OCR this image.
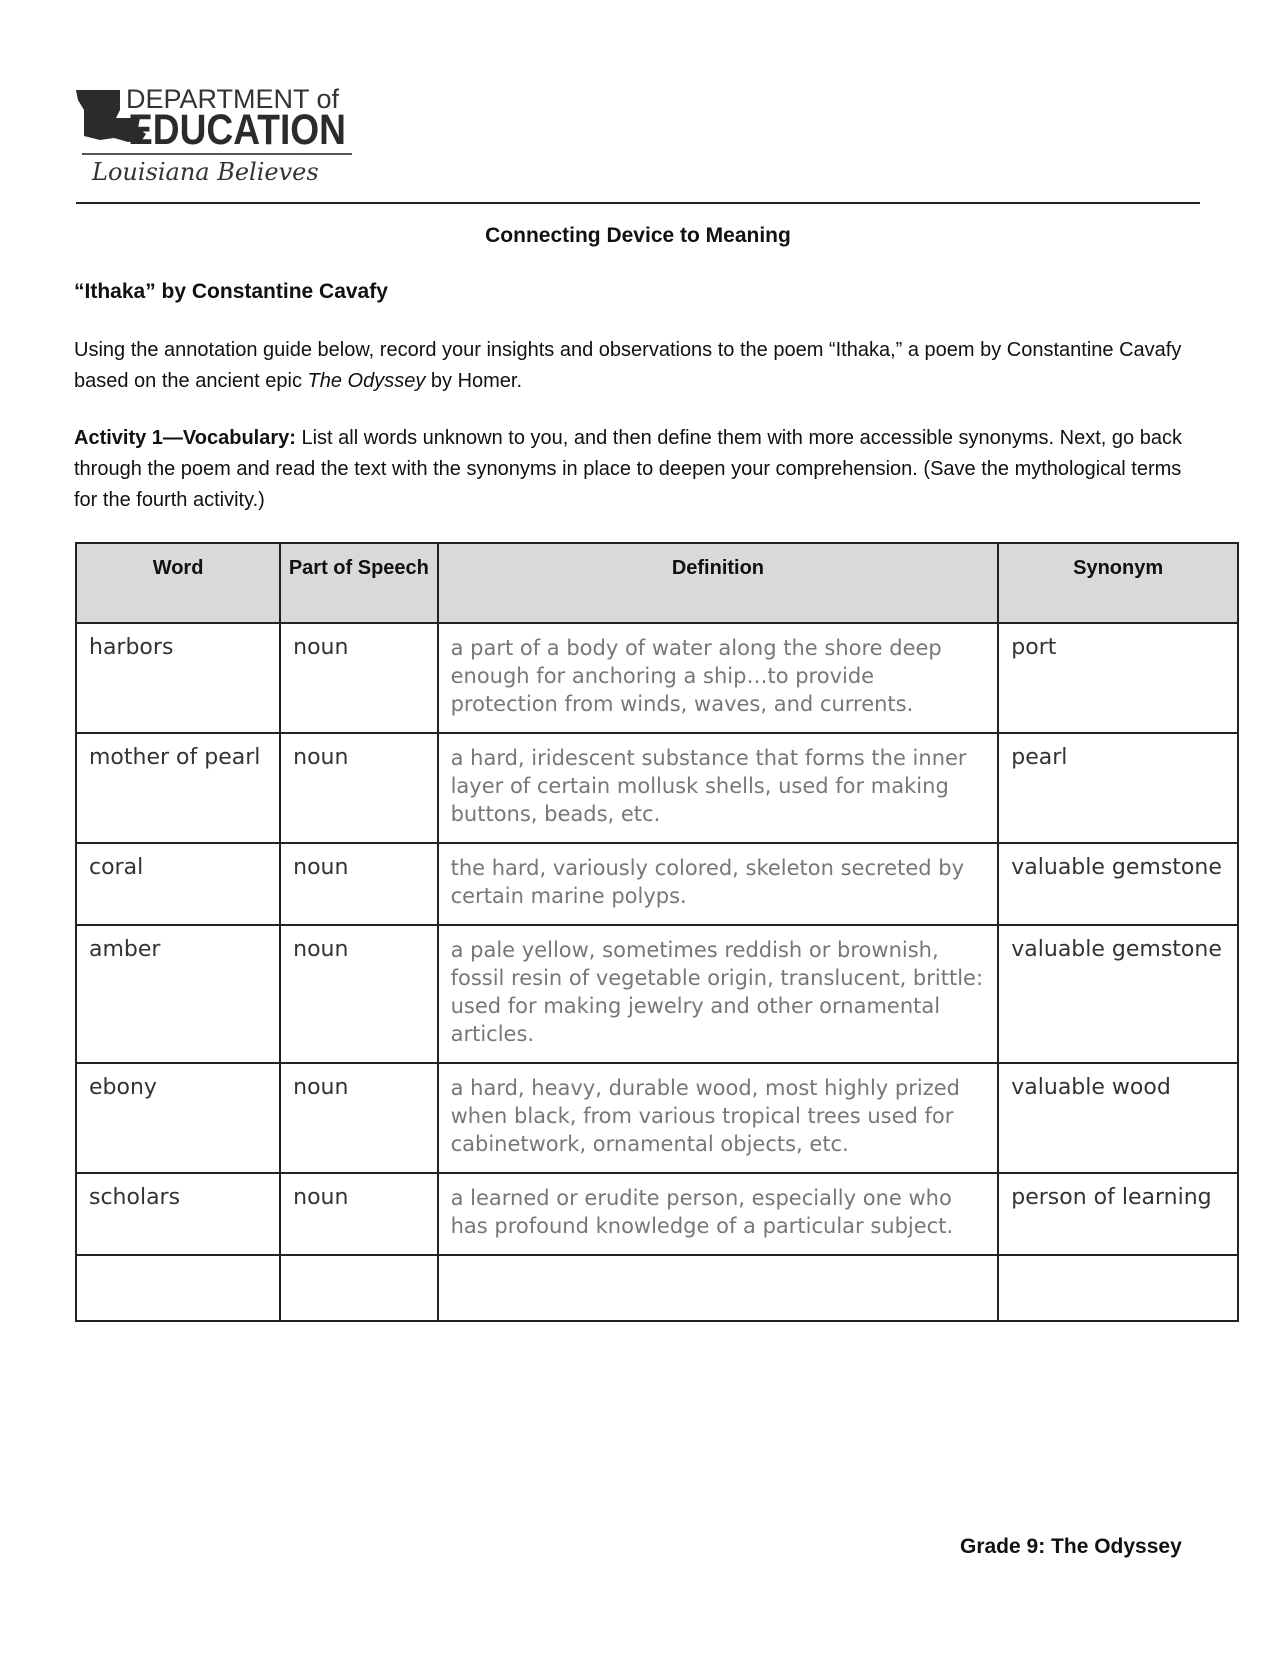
DEPARTMENT of
EDUCATION
Louisiana Believes
Connecting Device to Meaning
“Ithaka” by Constantine Cavafy
Using the annotation guide below, record your insights and observations to the poem “Ithaka,” a poem by Constantine Cavafy based on the ancient epic The Odyssey by Homer.
Activity 1—Vocabulary: List all words unknown to you, and then define them with more accessible synonyms. Next, go back through the poem and read the text with the synonyms in place to deepen your comprehension. (Save the mythological terms for the fourth activity.)
Word	Part of Speech	Definition	Synonym
harbors	noun	a part of a body of water along the shore deep enough for anchoring a ship…to provide protection from winds, waves, and currents.	port
mother of pearl	noun	a hard, iridescent substance that forms the inner layer of certain mollusk shells, used for making buttons, beads, etc.	pearl
coral	noun	the hard, variously colored, skeleton secreted by certain marine polyps.	valuable gemstone
amber	noun	a pale yellow, sometimes reddish or brownish, fossil resin of vegetable origin, translucent, brittle: used for making jewelry and other ornamental articles.	valuable gemstone
ebony	noun	a hard, heavy, durable wood, most highly prized when black, from various tropical trees used for cabinetwork, ornamental objects, etc.	valuable wood
scholars	noun	a learned or erudite person, especially one who has profound knowledge of a particular subject.	person of learning

Grade 9: The Odyssey
